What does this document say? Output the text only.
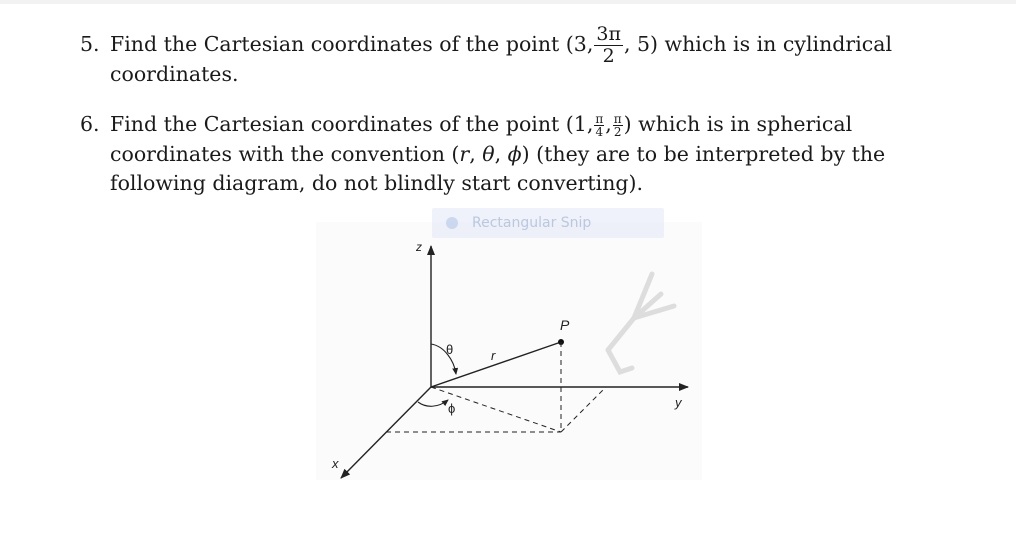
5. Find the Cartesian coordinates of the point (3, $\frac{3\pi}{2}$ , 5) which is in cylindrical
coordinates.
6. Find the Cartesian coordinates of the point (1, $\frac{\pi}{4}$ , $\frac{\pi}{2}$ ) which is in spherical
coordinates with the convention (r, θ, ϕ) (they are to be interpreted by the
following diagram, do not blindly start converting).
z
y
x
P
r
θ
ϕ
Rectangular Snip
